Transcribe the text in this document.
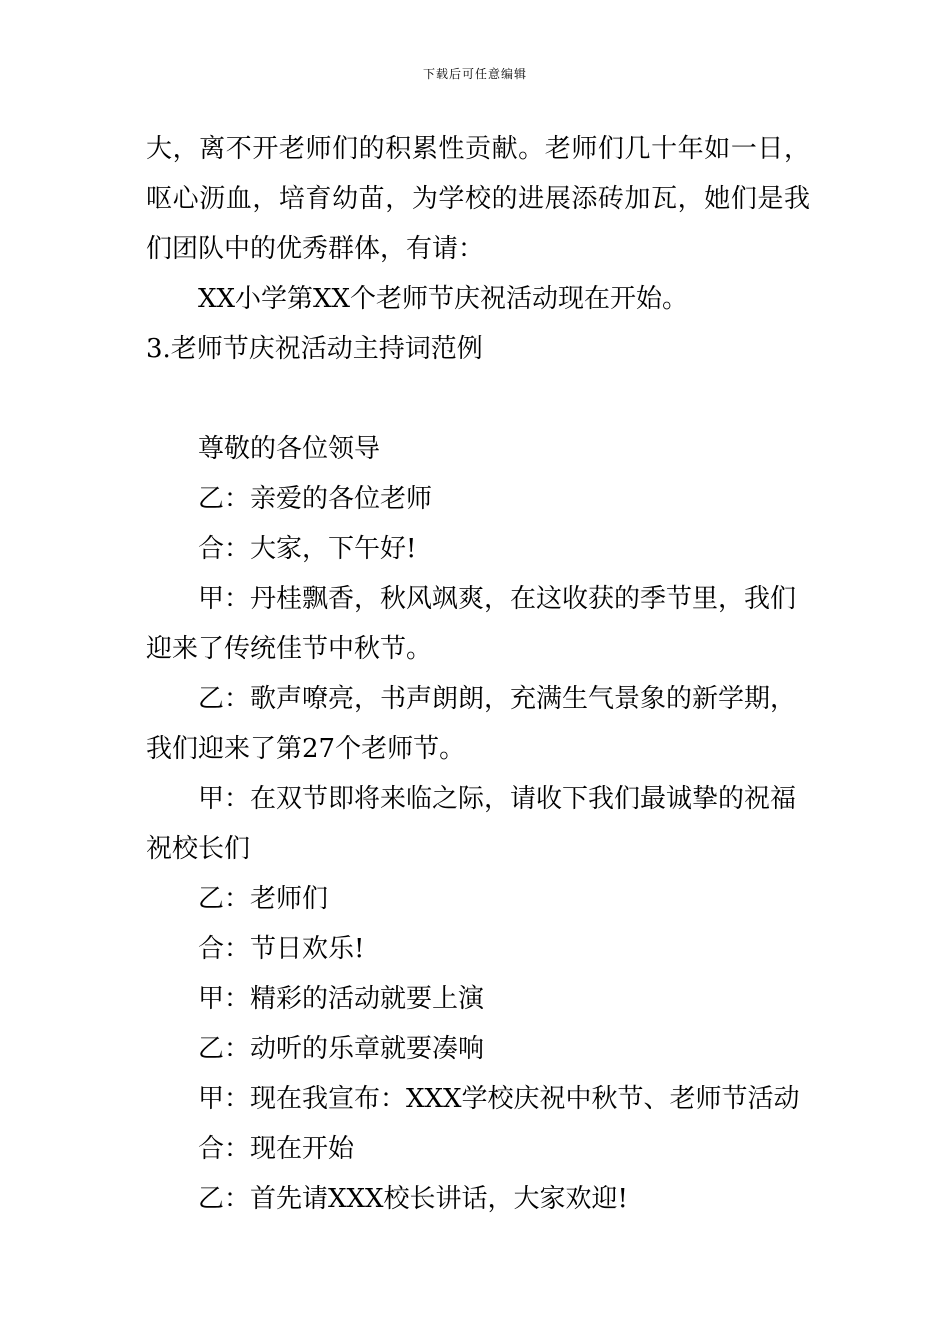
下载后可任意编辑
大，离不开老师们的积累性贡献。老师们几十年如一日，
呕心沥血，培育幼苗，为学校的进展添砖加瓦，她们是我
们团队中的优秀群体，有请：
XX小学第XX个老师节庆祝活动现在开始。
3.老师节庆祝活动主持词范例
尊敬的各位领导
乙：亲爱的各位老师
合：大家，下午好!
甲：丹桂飘香，秋风飒爽，在这收获的季节里，我们
迎来了传统佳节中秋节。
乙：歌声嘹亮，书声朗朗，充满生气景象的新学期，
我们迎来了第27个老师节。
甲：在双节即将来临之际，请收下我们最诚挚的祝福
祝校长们
乙：老师们
合：节日欢乐!
甲：精彩的活动就要上演
乙：动听的乐章就要凑响
甲：现在我宣布：XXX学校庆祝中秋节、老师节活动
合：现在开始
乙：首先请XXX校长讲话，大家欢迎!
